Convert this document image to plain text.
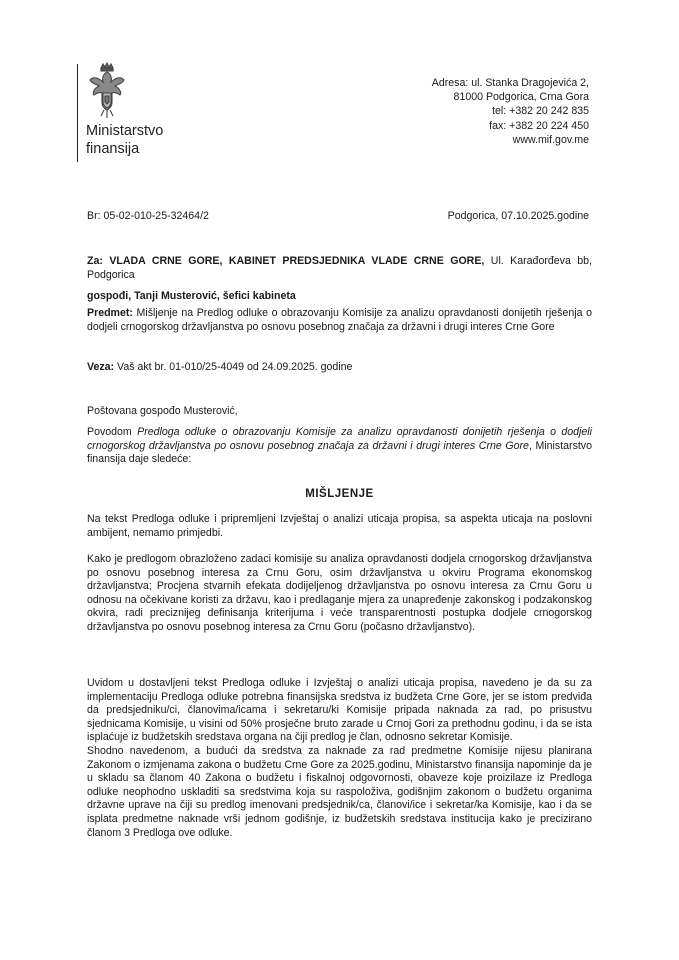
Ministarstvo
finansija
Adresa: ul. Stanka Dragojevića 2,
81000 Podgorica, Crna Gora
tel: +382 20 242 835
fax: +382 20 224 450
www.mif.gov.me
Br: 05-02-010-25-32464/2	Podgorica, 07.10.2025.godine
Za: VLADA CRNE GORE, KABINET PREDSJEDNIKA VLADE CRNE GORE, Ul. Karađorđeva bb, Podgorica
gospođi, Tanji Musterović, šefici kabineta
Predmet: Mišljenje na Predlog odluke o obrazovanju Komisije za analizu opravdanosti donijetih rješenja o dodjeli crnogorskog državljanstva po osnovu posebnog značaja za državni i drugi interes Crne Gore
Veza: Vaš akt br. 01-010/25-4049 od 24.09.2025. godine
Poštovana gospođo Musterović,
Povodom Predloga odluke o obrazovanju Komisije za analizu opravdanosti donijetih rješenja o dodjeli crnogorskog državljanstva po osnovu posebnog značaja za državni i drugi interes Crne Gore, Ministarstvo finansija daje sledeće:
MIŠLJENJE

Na tekst Predloga odluke i pripremljeni Izvještaj o analizi uticaja propisa, sa aspekta uticaja na poslovni ambijent, nemamo primjedbi.

Kako je predlogom obrazloženo zadaci komisije su analiza opravdanosti dodjela crnogorskog državljanstva po osnovu posebnog interesa za Crnu Goru, osim državljanstva u okviru Programa ekonomskog državljanstva; Procjena stvarnih efekata dodijeljenog državljanstva po osnovu interesa za Crnu Goru u odnosu na očekivane koristi za državu, kao i predlaganje mjera za unapređenje zakonskog i podzakonskog okvira, radi preciznijeg definisanja kriterijuma i veće transparentnosti postupka dodjele crnogorskog državljanstva po osnovu posebnog interesa za Crnu Goru (počasno državljanstvo).

Uvidom u dostavljeni tekst Predloga odluke i Izvještaj o analizi uticaja propisa, navedeno je da su za implementaciju Predloga odluke potrebna finansijska sredstva iz budžeta Crne Gore, jer se istom predviđa da predsjedniku/ci, članovima/icama i sekretaru/ki Komisije pripada naknada za rad, po prisustvu sjednicama Komisije, u visini od 50% prosječne bruto zarade u Crnoj Gori za prethodnu godinu, i da se ista isplaćuje iz budžetskih sredstava organa na čiji predlog je član, odnosno sekretar Komisije.

Shodno navedenom, a budući da sredstva za naknade za rad predmetne Komisije nijesu planirana Zakonom o izmjenama zakona o budžetu Crne Gore za 2025.godinu, Ministarstvo finansija napominje da je u skladu sa članom 40 Zakona o budžetu i fiskalnoj odgovornosti, obaveze koje proizilaze iz Predloga odluke neophodno uskladiti sa sredstvima koja su raspoloživa, godišnjim zakonom o budžetu organima državne uprave na čiji su predlog imenovani predsjednik/ca, članovi/ice i sekretar/ka Komisije, kao i da se isplata predmetne naknade vrši jednom godišnje, iz budžetskih sredstava institucija kako je precizirano članom 3 Predloga ove odluke.
